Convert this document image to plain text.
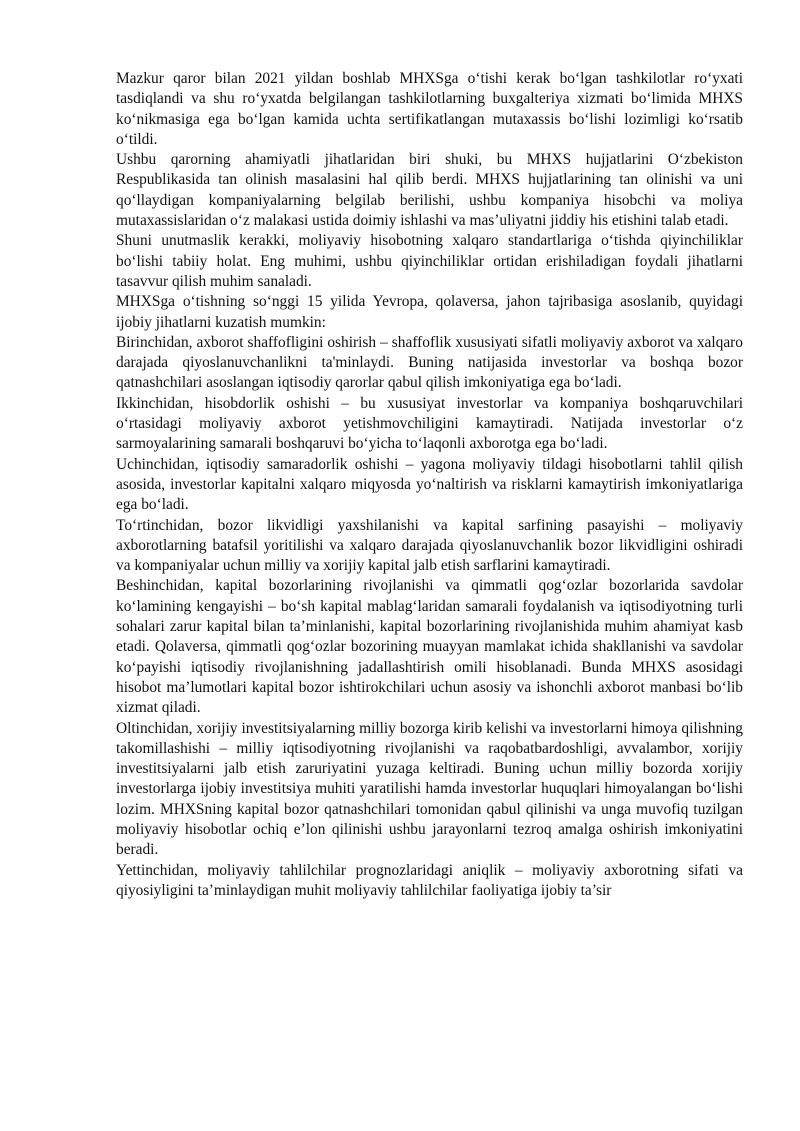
Mazkur qaror bilan 2021 yildan boshlab MHXSga o‘tishi kerak bo‘lgan tashkilotlar ro‘yxati tasdiqlandi va shu ro‘yxatda belgilangan tashkilotlarning buxgalteriya xizmati bo‘limida MHXS ko‘nikmasiga ega bo‘lgan kamida uchta sertifikatlangan mutaxassis bo‘lishi lozimligi ko‘rsatib o‘tildi.

Ushbu qarorning ahamiyatli jihatlaridan biri shuki, bu MHXS hujjatlarini O‘zbekiston Respublikasida tan olinish masalasini hal qilib berdi. MHXS hujjatlarining tan olinishi va uni qo‘llaydigan kompaniyalarning belgilab berilishi, ushbu kompaniya hisobchi va moliya mutaxassislaridan o‘z malakasi ustida doimiy ishlashi va mas’uliyatni jiddiy his etishini talab etadi.

Shuni unutmaslik kerakki, moliyaviy hisobotning xalqaro standartlariga o‘tishda qiyinchiliklar bo‘lishi tabiiy holat. Eng muhimi, ushbu qiyinchiliklar ortidan erishiladigan foydali jihatlarni tasavvur qilish muhim sanaladi.

MHXSga o‘tishning so‘nggi 15 yilida Yevropa, qolaversa, jahon tajribasiga asoslanib, quyidagi ijobiy jihatlarni kuzatish mumkin:

Birinchidan, axborot shaffofligini oshirish – shaffoflik xususiyati sifatli moliyaviy axborot va xalqaro darajada qiyoslanuvchanlikni ta'minlaydi. Buning natijasida investorlar va boshqa bozor qatnashchilari asoslangan iqtisodiy qarorlar qabul qilish imkoniyatiga ega bo‘ladi.

Ikkinchidan, hisobdorlik oshishi – bu xususiyat investorlar va kompaniya boshqaruvchilari o‘rtasidagi moliyaviy axborot yetishmovchiligini kamaytiradi. Natijada investorlar o‘z sarmoyalarining samarali boshqaruvi bo‘yicha to‘laqonli axborotga ega bo‘ladi.

Uchinchidan, iqtisodiy samaradorlik oshishi – yagona moliyaviy tildagi hisobotlarni tahlil qilish asosida, investorlar kapitalni xalqaro miqyosda yo‘naltirish va risklarni kamaytirish imkoniyatlariga ega bo‘ladi.

To‘rtinchidan, bozor likvidligi yaxshilanishi va kapital sarfining pasayishi – moliyaviy axborotlarning batafsil yoritilishi va xalqaro darajada qiyoslanuvchanlik bozor likvidligini oshiradi va kompaniyalar uchun milliy va xorijiy kapital jalb etish sarflarini kamaytiradi.

Beshinchidan, kapital bozorlarining rivojlanishi va qimmatli qog‘ozlar bozorlarida savdolar ko‘lamining kengayishi – bo‘sh kapital mablag‘laridan samarali foydalanish va iqtisodiyotning turli sohalari zarur kapital bilan ta’minlanishi, kapital bozorlarining rivojlanishida muhim ahamiyat kasb etadi. Qolaversa, qimmatli qog‘ozlar bozorining muayyan mamlakat ichida shakllanishi va savdolar ko‘payishi iqtisodiy rivojlanishning jadallashtirish omili hisoblanadi. Bunda MHXS asosidagi hisobot ma’lumotlari kapital bozor ishtirokchilari uchun asosiy va ishonchli axborot manbasi bo‘lib xizmat qiladi.

Oltinchidan, xorijiy investitsiyalarning milliy bozorga kirib kelishi va investorlarni himoya qilishning takomillashishi – milliy iqtisodiyotning rivojlanishi va raqobatbardoshligi, avvalambor, xorijiy investitsiyalarni jalb etish zaruriyatini yuzaga keltiradi. Buning uchun milliy bozorda xorijiy investorlarga ijobiy investitsiya muhiti yaratilishi hamda investorlar huquqlari himoyalangan bo‘lishi lozim. MHXSning kapital bozor qatnashchilari tomonidan qabul qilinishi va unga muvofiq tuzilgan moliyaviy hisobotlar ochiq e’lon qilinishi ushbu jarayonlarni tezroq amalga oshirish imkoniyatini beradi.

Yettinchidan, moliyaviy tahlilchilar prognozlaridagi aniqlik – moliyaviy axborotning sifati va qiyosiyligini ta’minlaydigan muhit moliyaviy tahlilchilar faoliyatiga ijobiy ta’sir
